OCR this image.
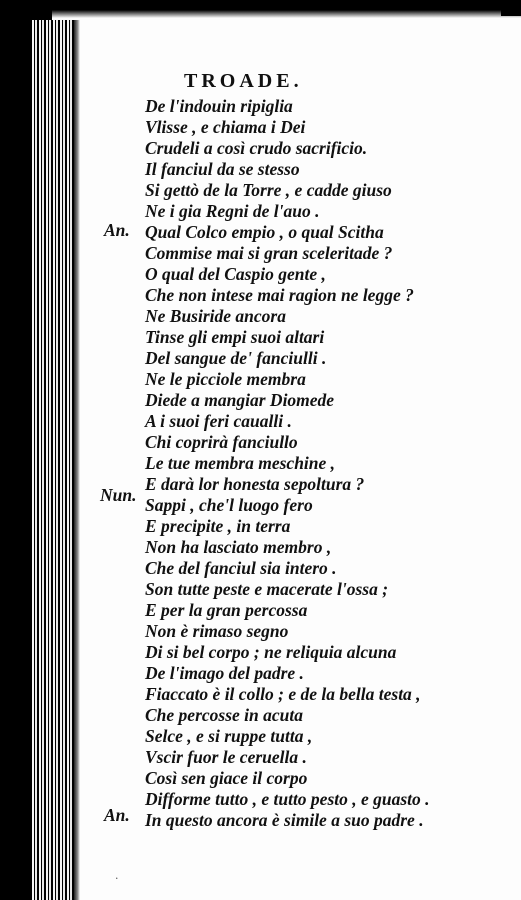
TROADE.
An.
Nun.
An.
De l'indouin ripiglia
Vlisse , e chiama i Dei
Crudeli a così crudo sacrificio.
Il fanciul da se stesso
Si gettò de la Torre , e cadde giuso
Ne i gia Regni de l'auo .
Qual Colco empio , o qual Scitha
Commise mai si gran sceleritade ?
O qual del Caspio gente ,
Che non intese mai ragion ne legge ?
Ne Busiride ancora
Tinse gli empi suoi altari
Del sangue de' fanciulli .
Ne le picciole membra
Diede a mangiar Diomede
A i suoi feri caualli .
Chi coprirà fanciullo
Le tue membra meschine ,
E darà lor honesta sepoltura ?
Sappi , che'l luogo fero
E precipite , in terra
Non ha lasciato membro ,
Che del fanciul sia intero .
Son tutte peste e macerate l'ossa ;
E per la gran percossa
Non è rimaso segno
Di si bel corpo ; ne reliquia alcuna
De l'imago del padre .
Fiaccato è il collo ; e de la bella testa ,
Che percosse in acuta
Selce , e si ruppe tutta ,
Vscir fuor le ceruella .
Così sen giace il corpo
Difforme tutto , e tutto pesto , e guasto .
In questo ancora è simile a suo padre .
·
